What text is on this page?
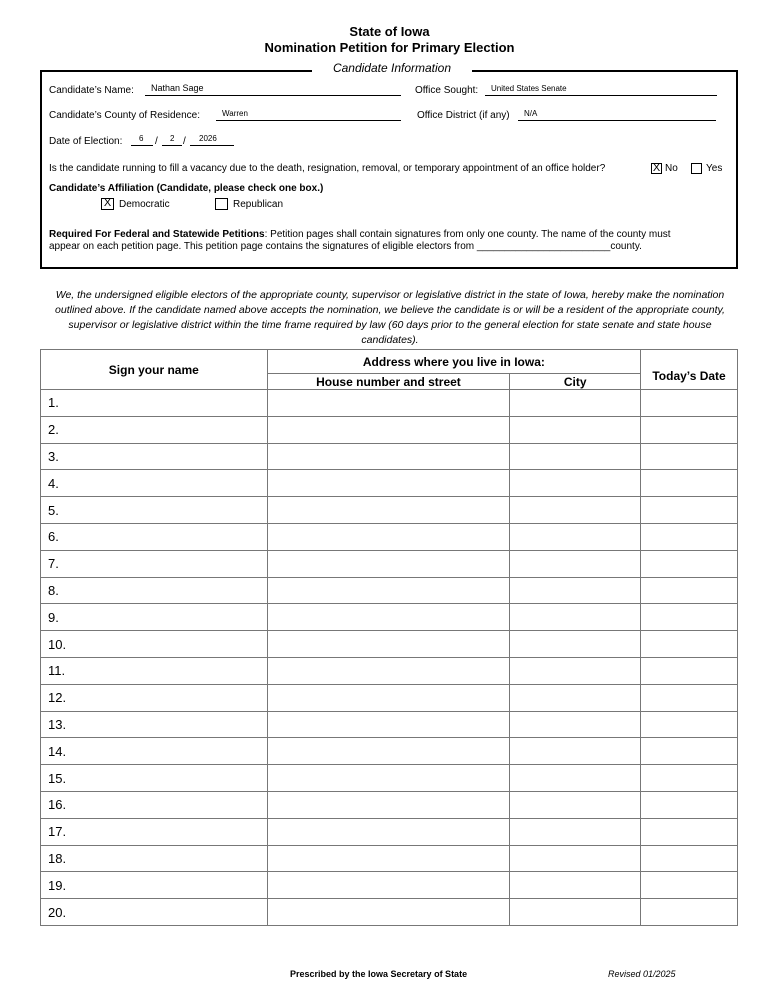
State of Iowa
Nomination Petition for Primary Election
Candidate Information
Candidate’s Name: Nathan Sage	Office Sought: United States Senate
Candidate’s County of Residence:	Warren	Office District (if any) N/A
Date of Election: 6 / 2 / 2026
Is the candidate running to fill a vacancy due to the death, resignation, removal, or temporary appointment of an office holder?	X No	Yes
Candidate’s Affiliation (Candidate, please check one box.)
X Democratic	Republican
Required For Federal and Statewide Petitions: Petition pages shall contain signatures from only one county. The name of the county must
appear on each petition page. This petition page contains the signatures of eligible electors from ________________________county.
We, the undersigned eligible electors of the appropriate county, supervisor or legislative district in the state of Iowa, hereby make the nomination outlined above. If the candidate named above accepts the nomination, we believe the candidate is or will be a resident of the appropriate county, supervisor or legislative district within the time frame required by law (60 days prior to the general election for state senate and state house candidates).
Sign your name	Address where you live in Iowa:		Today’s Date
	House number and street	City	
1.			
2.			
3.			
4.			
5.			
6.			
7.			
8.			
9.			
10.			
11.			
12.			
13.			
14.			
15.			
16.			
17.			
18.			
19.			
20.			
Prescribed by the Iowa Secretary of State	Revised 01/2025
